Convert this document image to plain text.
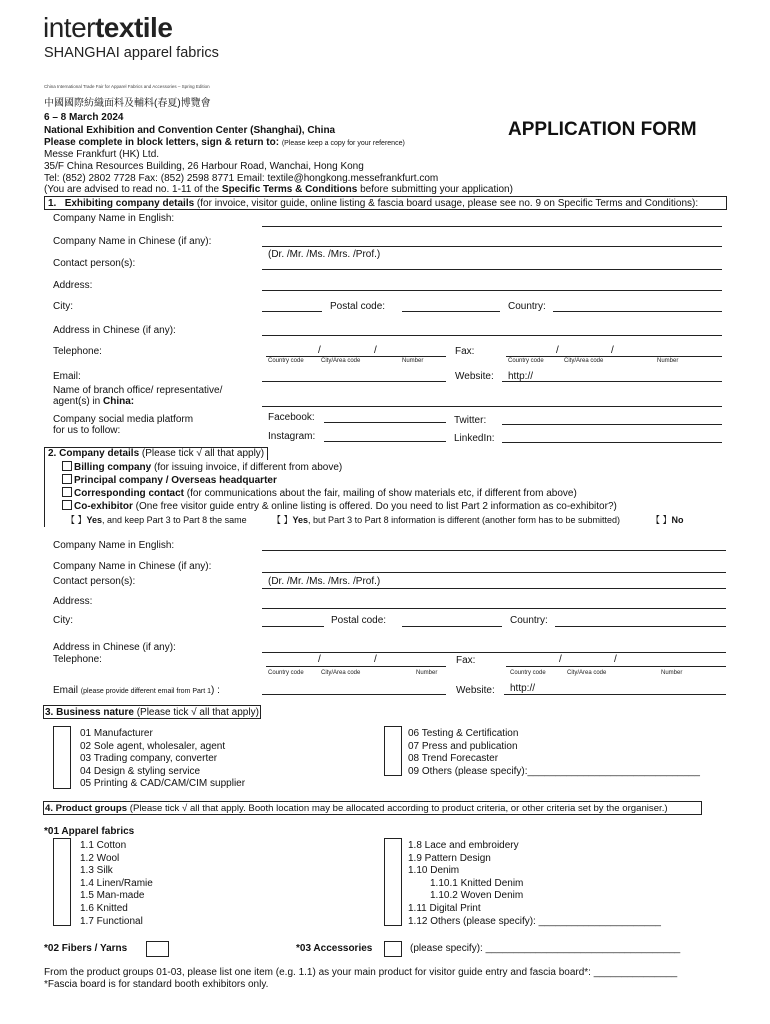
intertextile
SHANGHAI apparel fabrics
China International Trade Fair for Apparel Fabrics and Accessories – Spring Edition
中國國際紡織面料及輔料(春夏)博覽會
6 – 8 March 2024
National Exhibition and Convention Center (Shanghai), China
Please complete in block letters, sign & return to: (Please keep a copy for your reference)
Messe Frankfurt (HK) Ltd.
35/F China Resources Building, 26 Harbour Road, Wanchai, Hong Kong
Tel: (852) 2802 7728 Fax: (852) 2598 8771 Email: textile@hongkong.messefrankfurt.com
(You are advised to read no. 1-11 of the Specific Terms & Conditions before submitting your application)
APPLICATION FORM
1. Exhibiting company details (for invoice, visitor guide, online listing & fascia board usage, please see no. 9 on Specific Terms and Conditions):
Company Name in English:
Company Name in Chinese (if any):
(Dr. /Mr. /Ms. /Mrs. /Prof.)
Contact person(s):
Address:
City:	Postal code:	Country:
Address in Chinese (if any):
Telephone:	/	/
Country code	City/Area code	Number
Fax:	/	/
Country code	City/Area code	Number
Email:	Website: http://
Name of branch office/ representative/
agent(s) in China:
Company social media platform
for us to follow:
Facebook:	Twitter:
Instagram:	LinkedIn:
2. Company details (Please tick √ all that apply)
Billing company (for issuing invoice, if different from above)
Principal company / Overseas headquarter
Corresponding contact (for communications about the fair, mailing of show materials etc, if different from above)
Co-exhibitor (One free visitor guide entry & online listing is offered. Do you need to list Part 2 information as co-exhibitor?)
【 】Yes, and keep Part 3 to Part 8 the same	【 】Yes, but Part 3 to Part 8 information is different (another form has to be submitted)	【 】No
Company Name in English:
Company Name in Chinese (if any):
Contact person(s):	(Dr. /Mr. /Ms. /Mrs. /Prof.)
Address:
City:	Postal code:	Country:
Address in Chinese (if any):
Telephone:	/	/
Country code	City/Area code	Number
Fax:	/	/
Country code	City/Area code	Number
Email (please provide different email from Part 1) :	Website: http://
3. Business nature (Please tick √ all that apply)
01 Manufacturer
02 Sole agent, wholesaler, agent
03 Trading company, converter
04 Design & styling service
05 Printing & CAD/CAM/CIM supplier
06 Testing & Certification
07 Press and publication
08 Trend Forecaster
09 Others (please specify):_______________________________
4. Product groups (Please tick √ all that apply. Booth location may be allocated according to product criteria, or other criteria set by the organiser.)
*01 Apparel fabrics
1.1 Cotton
1.2 Wool
1.3 Silk
1.4 Linen/Ramie
1.5 Man-made
1.6 Knitted
1.7 Functional
1.8 Lace and embroidery
1.9 Pattern Design
1.10 Denim
1.10.1 Knitted Denim
1.10.2 Woven Denim
1.11 Digital Print
1.12 Others (please specify): ______________________
*02 Fibers / Yarns	*03 Accessories	(please specify): ___________________________________
From the product groups 01-03, please list one item (e.g. 1.1) as your main product for visitor guide entry and fascia board*: _______________
*Fascia board is for standard booth exhibitors only.
